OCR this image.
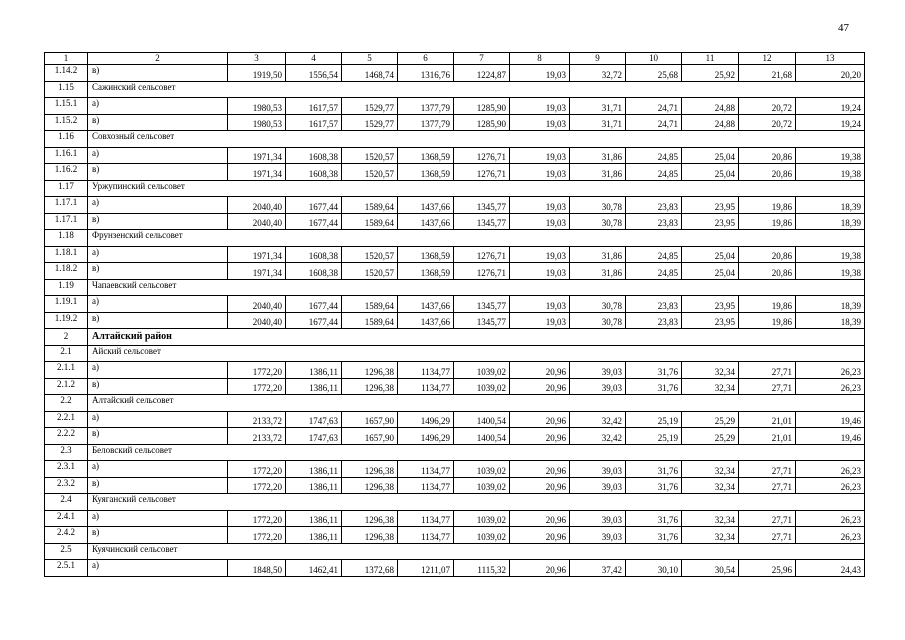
47
1	2	3	4	5	6	7	8	9	10	11	12	13
1.14.2	в)	1919,50	1556,54	1468,74	1316,76	1224,87	19,03	32,72	25,68	25,92	21,68	20,20
1.15	Сажинский сельсовет											
1.15.1	а)	1980,53	1617,57	1529,77	1377,79	1285,90	19,03	31,71	24,71	24,88	20,72	19,24
1.15.2	в)	1980,53	1617,57	1529,77	1377,79	1285,90	19,03	31,71	24,71	24,88	20,72	19,24
1.16	Совхозный сельсовет											
1.16.1	а)	1971,34	1608,38	1520,57	1368,59	1276,71	19,03	31,86	24,85	25,04	20,86	19,38
1.16.2	в)	1971,34	1608,38	1520,57	1368,59	1276,71	19,03	31,86	24,85	25,04	20,86	19,38
1.17	Уржупинский сельсовет											
1.17.1	а)	2040,40	1677,44	1589,64	1437,66	1345,77	19,03	30,78	23,83	23,95	19,86	18,39
1.17.1	в)	2040,40	1677,44	1589,64	1437,66	1345,77	19,03	30,78	23,83	23,95	19,86	18,39
1.18	Фрунзенский сельсовет											
1.18.1	а)	1971,34	1608,38	1520,57	1368,59	1276,71	19,03	31,86	24,85	25,04	20,86	19,38
1.18.2	в)	1971,34	1608,38	1520,57	1368,59	1276,71	19,03	31,86	24,85	25,04	20,86	19,38
1.19	Чапаевский сельсовет											
1.19.1	а)	2040,40	1677,44	1589,64	1437,66	1345,77	19,03	30,78	23,83	23,95	19,86	18,39
1.19.2	в)	2040,40	1677,44	1589,64	1437,66	1345,77	19,03	30,78	23,83	23,95	19,86	18,39
2	Алтайский район											
2.1	Айский сельсовет											
2.1.1	а)	1772,20	1386,11	1296,38	1134,77	1039,02	20,96	39,03	31,76	32,34	27,71	26,23
2.1.2	в)	1772,20	1386,11	1296,38	1134,77	1039,02	20,96	39,03	31,76	32,34	27,71	26,23
2.2	Алтайский сельсовет											
2.2.1	а)	2133,72	1747,63	1657,90	1496,29	1400,54	20,96	32,42	25,19	25,29	21,01	19,46
2.2.2	в)	2133,72	1747,63	1657,90	1496,29	1400,54	20,96	32,42	25,19	25,29	21,01	19,46
2.3	Беловский сельсовет											
2.3.1	а)	1772,20	1386,11	1296,38	1134,77	1039,02	20,96	39,03	31,76	32,34	27,71	26,23
2.3.2	в)	1772,20	1386,11	1296,38	1134,77	1039,02	20,96	39,03	31,76	32,34	27,71	26,23
2.4	Куяганский сельсовет											
2.4.1	а)	1772,20	1386,11	1296,38	1134,77	1039,02	20,96	39,03	31,76	32,34	27,71	26,23
2.4.2	в)	1772,20	1386,11	1296,38	1134,77	1039,02	20,96	39,03	31,76	32,34	27,71	26,23
2.5	Куячинский сельсовет											
2.5.1	а)	1848,50	1462,41	1372,68	1211,07	1115,32	20,96	37,42	30,10	30,54	25,96	24,43
